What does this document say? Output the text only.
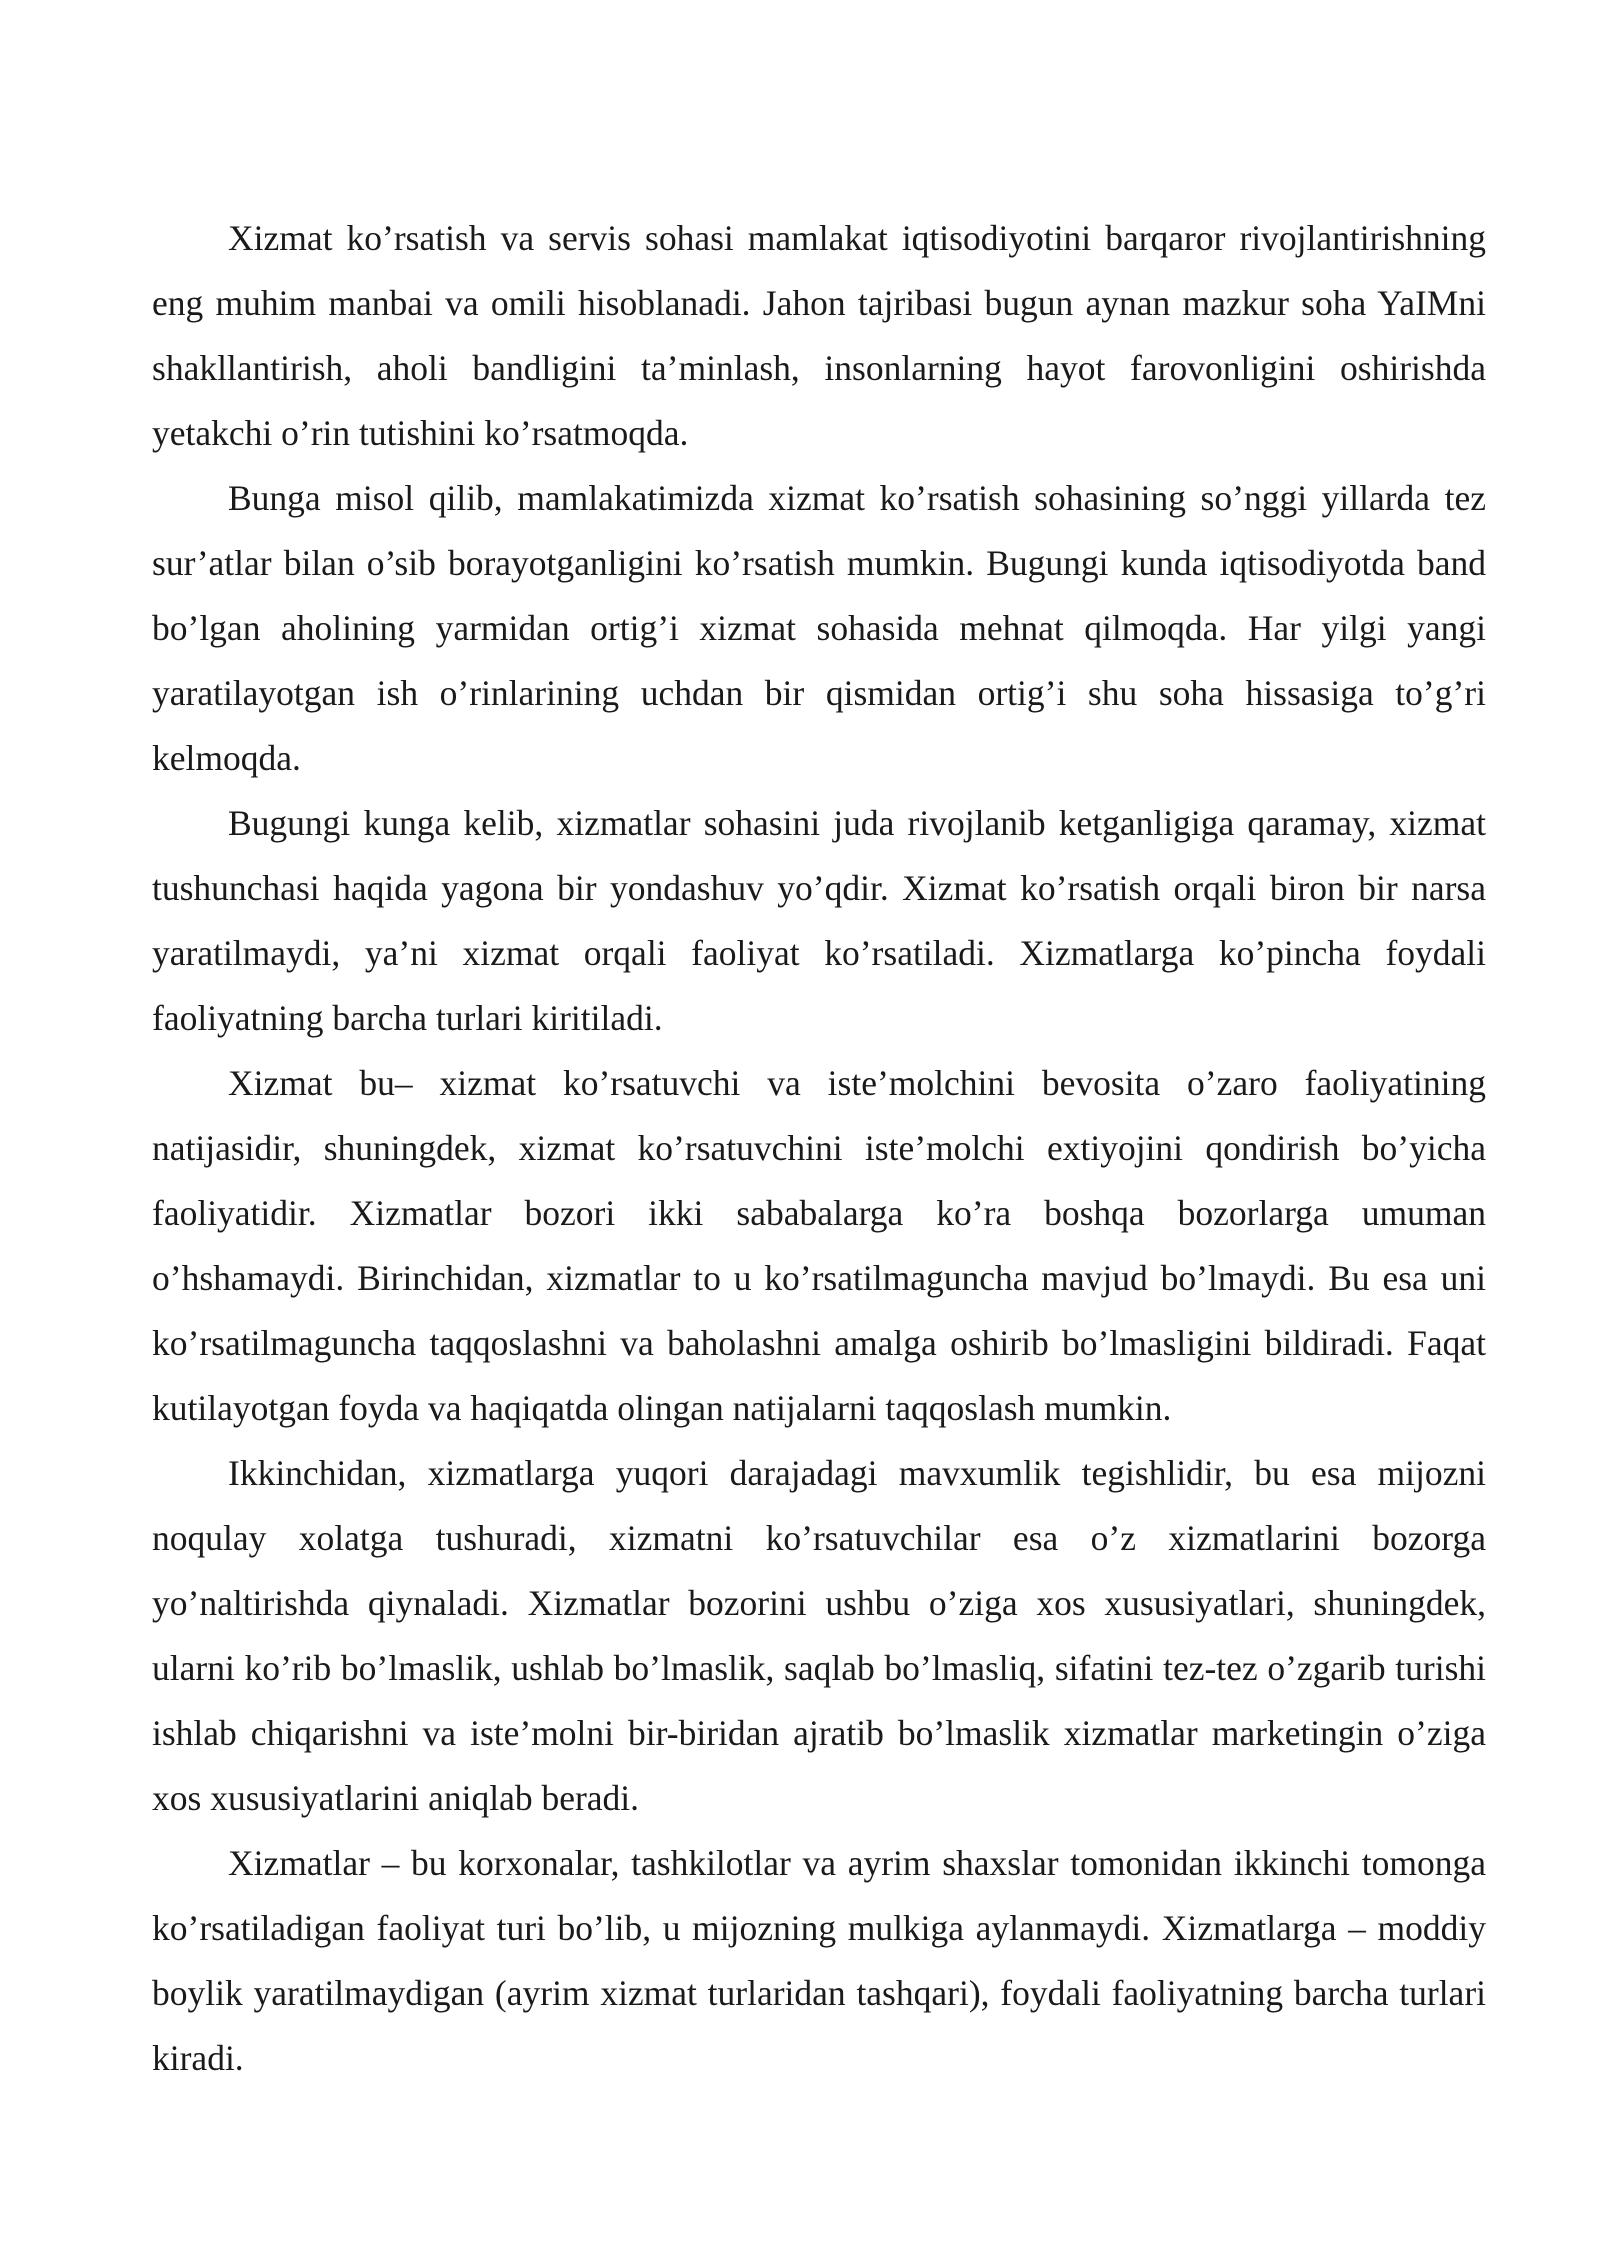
Xizmat ko’rsatish va servis sohasi mamlakat iqtisodiyotini barqaror rivojlantirishning eng muhim manbai va omili hisoblanadi. Jahon tajribasi bugun aynan mazkur soha YaIMni shakllantirish, aholi bandligini ta’minlash, insonlarning hayot farovonligini oshirishda yetakchi o’rin tutishini ko’rsatmoqda.

Bunga misol qilib, mamlakatimizda xizmat ko’rsatish sohasining so’nggi yillarda tez sur’atlar bilan o’sib borayotganligini ko’rsatish mumkin. Bugungi kunda iqtisodiyotda band bo’lgan aholining yarmidan ortig’i xizmat sohasida mehnat qilmoqda. Har yilgi yangi yaratilayotgan ish o’rinlarining uchdan bir qismidan ortig’i shu soha hissasiga to’g’ri kelmoqda.

Bugungi kunga kelib, xizmatlar sohasini juda rivojlanib ketganligiga qaramay, xizmat tushunchasi haqida yagona bir yondashuv yo’qdir. Xizmat ko’rsatish orqali biron bir narsa yaratilmaydi, ya’ni xizmat orqali faoliyat ko’rsatiladi. Xizmatlarga ko’pincha foydali faoliyatning barcha turlari kiritiladi.

Xizmat bu– xizmat ko’rsatuvchi va iste’molchini bevosita o’zaro faoliyatining natijasidir, shuningdek, xizmat ko’rsatuvchini iste’molchi extiyojini qondirish bo’yicha faoliyatidir. Xizmatlar bozori ikki sababalarga ko’ra boshqa bozorlarga umuman o’hshamaydi. Birinchidan, xizmatlar to u ko’rsatilmaguncha mavjud bo’lmaydi. Bu esa uni ko’rsatilmaguncha taqqoslashni va baholashni amalga oshirib bo’lmasligini bildiradi. Faqat kutilayotgan foyda va haqiqatda olingan natijalarni taqqoslash mumkin.

Ikkinchidan, xizmatlarga yuqori darajadagi mavxumlik tegishlidir, bu esa mijozni noqulay xolatga tushuradi, xizmatni ko’rsatuvchilar esa o’z xizmatlarini bozorga yo’naltirishda qiynaladi. Xizmatlar bozorini ushbu o’ziga xos xususiyatlari, shuningdek, ularni ko’rib bo’lmaslik, ushlab bo’lmaslik, saqlab bo’lmasliq, sifatini tez-tez o’zgarib turishi ishlab chiqarishni va iste’molni bir-biridan ajratib bo’lmaslik xizmatlar marketingin o’ziga xos xususiyatlarini aniqlab beradi.

Xizmatlar – bu korxonalar, tashkilotlar va ayrim shaxslar tomonidan ikkinchi tomonga ko’rsatiladigan faoliyat turi bo’lib, u mijozning mulkiga aylanmaydi. Xizmatlarga – moddiy boylik yaratilmaydigan (ayrim xizmat turlaridan tashqari), foydali faoliyatning barcha turlari kiradi.
